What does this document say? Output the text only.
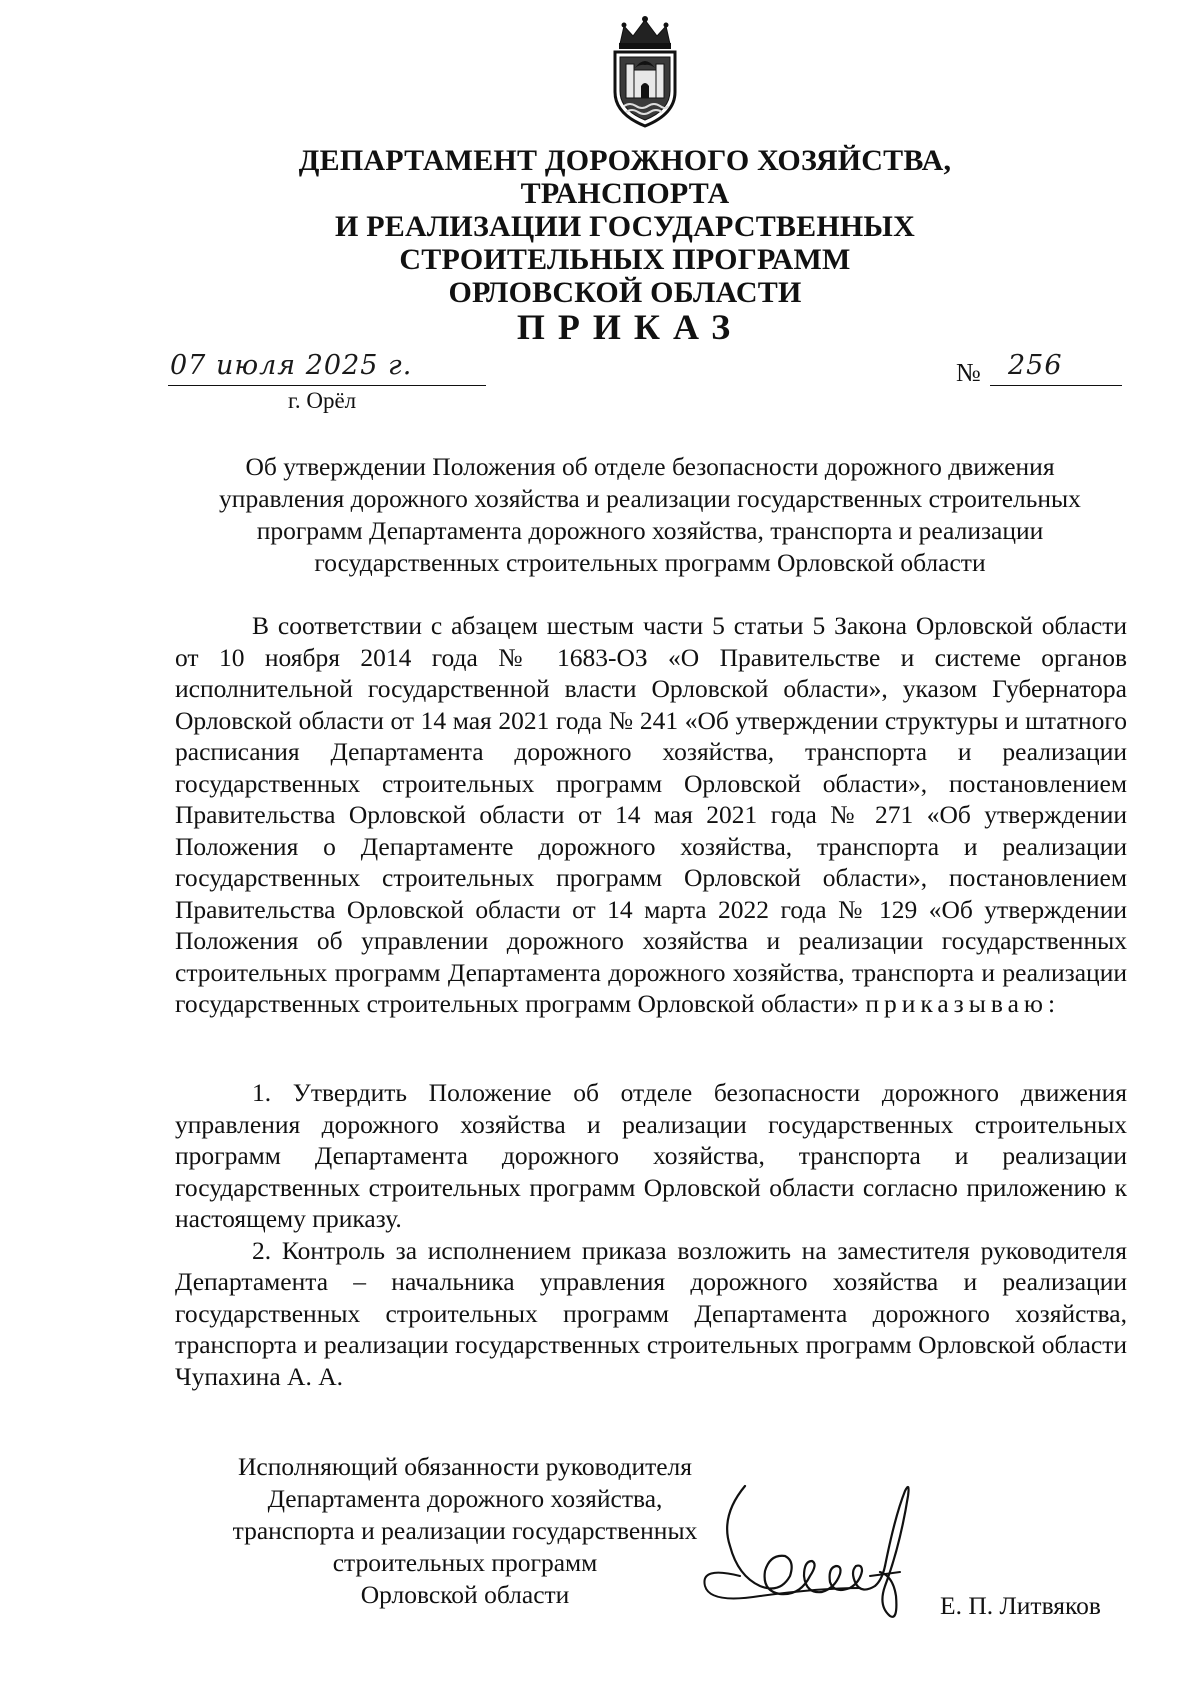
ДЕПАРТАМЕНТ ДОРОЖНОГО ХОЗЯЙСТВА, ТРАНСПОРТА
И РЕАЛИЗАЦИИ ГОСУДАРСТВЕННЫХ
СТРОИТЕЛЬНЫХ ПРОГРАММ
ОРЛОВСКОЙ ОБЛАСТИ
ПРИКАЗ
07 июля 2025 г.
г. Орёл
№ 256
Об утверждении Положения об отделе безопасности дорожного движения
управления дорожного хозяйства и реализации государственных строительных
программ Департамента дорожного хозяйства, транспорта и реализации
государственных строительных программ Орловской области

В соответствии с абзацем шестым части 5 статьи 5 Закона Орловской области от 10 ноября 2014 года № 1683-ОЗ «О Правительстве и системе органов исполнительной государственной власти Орловской области», указом Губернатора Орловской области от 14 мая 2021 года № 241 «Об утверждении структуры и штатного расписания Департамента дорожного хозяйства, транспорта и реализации государственных строительных программ Орловской области», постановлением Правительства Орловской области от 14 мая 2021 года № 271 «Об утверждении Положения о Департаменте дорожного хозяйства, транспорта и реализации государственных строительных программ Орловской области», постановлением Правительства Орловской области от 14 марта 2022 года № 129 «Об утверждении Положения об управлении дорожного хозяйства и реализации государственных строительных программ Департамента дорожного хозяйства, транспорта и реализации государственных строительных программ Орловской области» приказываю:

1. Утвердить Положение об отделе безопасности дорожного движения управления дорожного хозяйства и реализации государственных строительных программ Департамента дорожного хозяйства, транспорта и реализации государственных строительных программ Орловской области согласно приложению к настоящему приказу.

2. Контроль за исполнением приказа возложить на заместителя руководителя Департамента – начальника управления дорожного хозяйства и реализации государственных строительных программ Департамента дорожного хозяйства, транспорта и реализации государственных строительных программ Орловской области Чупахина А. А.

Исполняющий обязанности руководителя
Департамента дорожного хозяйства,
транспорта и реализации государственных
строительных программ
Орловской области	Е. П. Литвяков
